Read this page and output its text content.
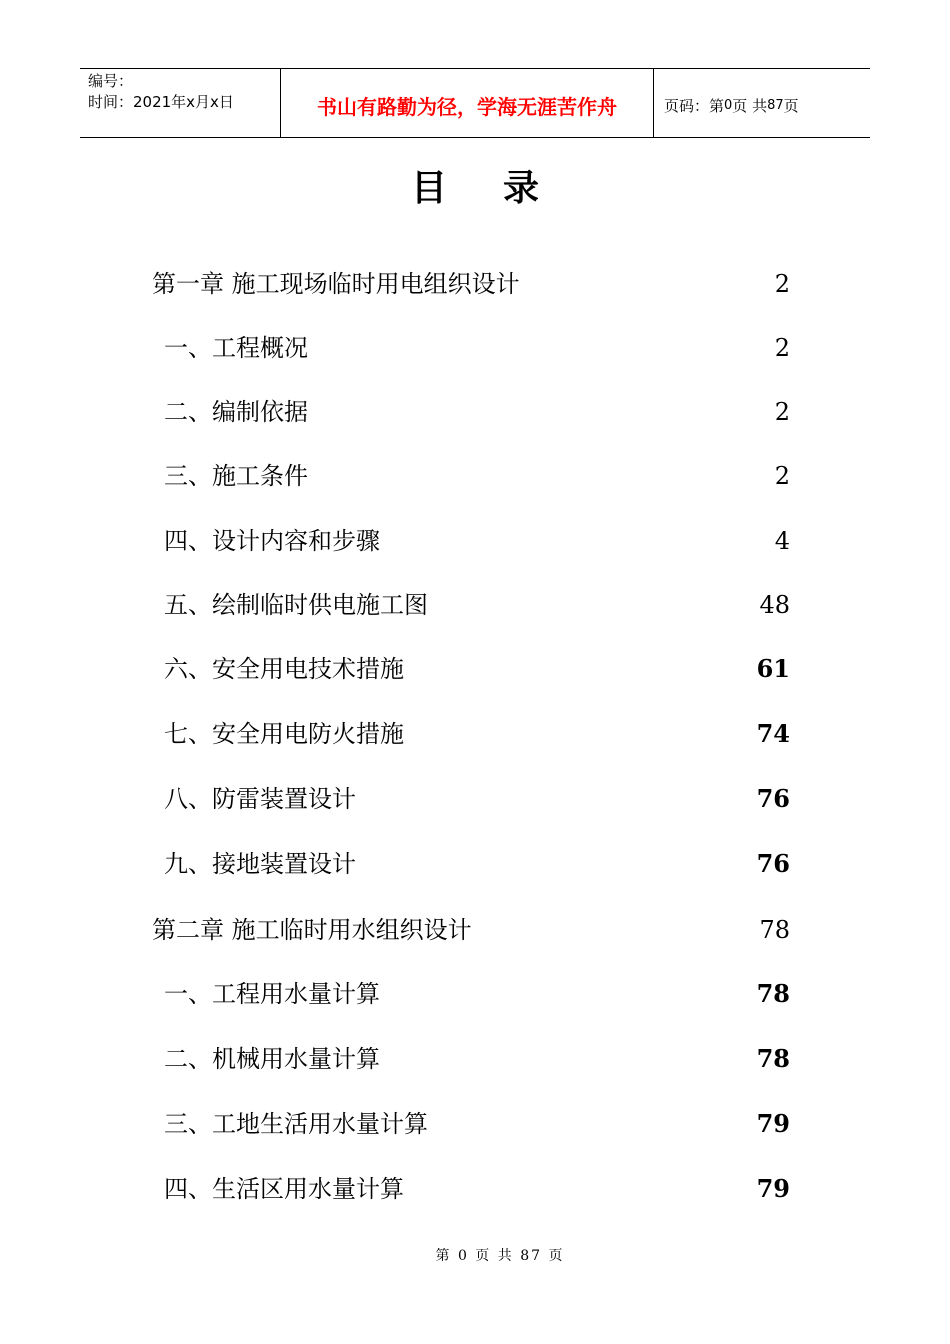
编号：
时间：2021年x月x日	书山有路勤为径，学海无涯苦作舟	页码：第 0 页 共 87 页
目录
第一章 施工现场临时用电组织设计	2
一、工程概况	2
二、编制依据	2
三、施工条件	2
四、设计内容和步骤	4
五、绘制临时供电施工图	48
六、安全用电技术措施	61
七、安全用电防火措施	74
八、防雷装置设计	76
九、接地装置设计	76
第二章 施工临时用水组织设计	78
一、工程用水量计算	78
二、机械用水量计算	78
三、工地生活用水量计算	79
四、生活区用水量计算	79
第 0 页 共 87 页
